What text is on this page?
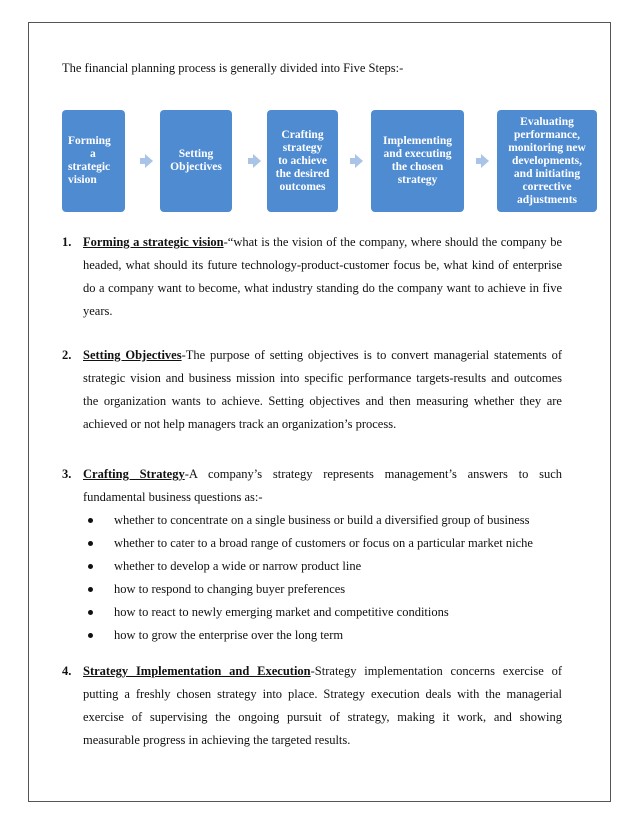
The financial planning process is generally divided into Five Steps:-
Forming
a
strategic
vision
Setting
Objectives
Crafting
strategy
to achieve
the desired
outcomes
Implementing
and executing
the chosen
strategy
Evaluating
performance,
monitoring new
developments,
and initiating
corrective
adjustments
1. Forming a strategic vision-“what is the vision of the company, where should the company be
headed, what should its future technology-product-customer focus be, what kind of enterprise
do a company want to become, what industry standing do the company want to achieve in five
years.
2. Setting Objectives-The purpose of setting objectives is to convert managerial statements of
strategic vision and business mission into specific performance targets-results and outcomes
the organization wants to achieve. Setting objectives and then measuring whether they are
achieved or not help managers track an organization’s process.
3. Crafting Strategy-A company’s strategy represents management’s answers to such
fundamental business questions as:-
whether to concentrate on a single business or build a diversified group of business
whether to cater to a broad range of customers or focus on a particular market niche
whether to develop a wide or narrow product line
how to respond to changing buyer preferences
how to react to newly emerging market and competitive conditions
how to grow the enterprise over the long term
4. Strategy Implementation and Execution-Strategy implementation concerns exercise of
putting a freshly chosen strategy into place. Strategy execution deals with the managerial
exercise of supervising the ongoing pursuit of strategy, making it work, and showing
measurable progress in achieving the targeted results.
